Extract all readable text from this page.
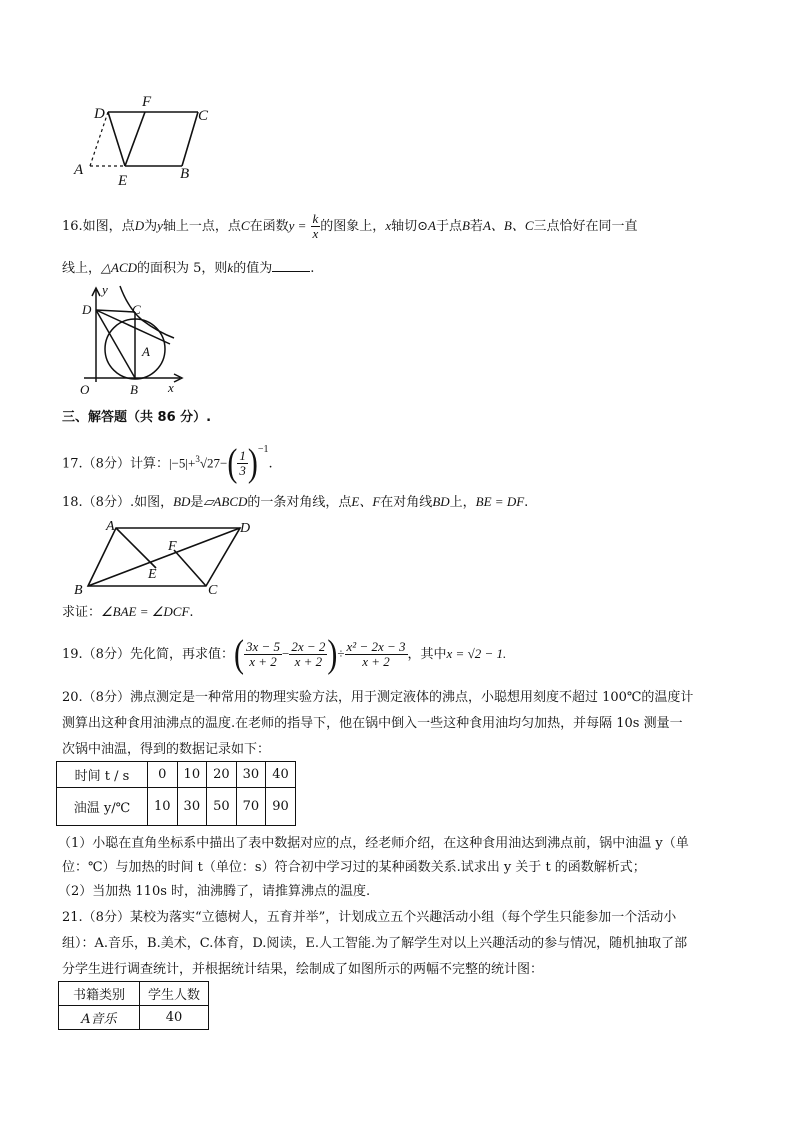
D
F
C
A
E	B
16.如图，点D为y轴上一点，点C在函数$y = \frac{k}{x}$ 的图象上，x轴切⊙A于点B若A、B、C三点恰好在同一直
线上，△ACD的面积为 5，则k的值为	.
y
D	C
A
O	B x
三、解答题（共 86 分）.
17.（8分）计算：$|-5|+^3√27-( \frac{1}{3} )^{-1}$.
18.（8分）.如图，BD是▱ABCD的一条对角线，点E、F在对角线BD上，BE = DF.
A	D
F
E
B	C
求证：∠BAE = ∠DCF.
19.（8分）先化简，再求值：( $\frac{3x - 5}{x + 2} - \frac{2x - 2}{x + 2}$ )÷ $\frac{\text{x² − 2x − 3}}{x + 2}$ ，其中x = √2 − 1.
20.（8分）沸点测定是一种常用的物理实验方法，用于测定液体的沸点，小聪想用刻度不超过 100℃的温度计
测算出这种食用油沸点的温度.在老师的指导下，他在锅中倒入一些这种食用油均匀加热，并每隔 10s 测量一
次锅中油温，得到的数据记录如下：
时间 t / s	0	10	20	30	40
油温 y/℃	10	30	50	70	90
（1）小聪在直角坐标系中描出了表中数据对应的点，经老师介绍，在这种食用油达到沸点前，锅中油温 y（单
位：℃）与加热的时间 t（单位：s）符合初中学习过的某种函数关系.试求出 y 关于 t 的函数解析式；
（2）当加热 110s 时，油沸腾了，请推算沸点的温度.
21.（8分）某校为落实“立德树人，五育并举”，计划成立五个兴趣活动小组（每个学生只能参加一个活动小
组）：A.音乐，B.美术，C.体育，D.阅读，E.人工智能.为了解学生对以上兴趣活动的参与情况，随机抽取了部
分学生进行调查统计，并根据统计结果，绘制成了如图所示的两幅不完整的统计图：
书籍类别	学生人数
A音乐	40
